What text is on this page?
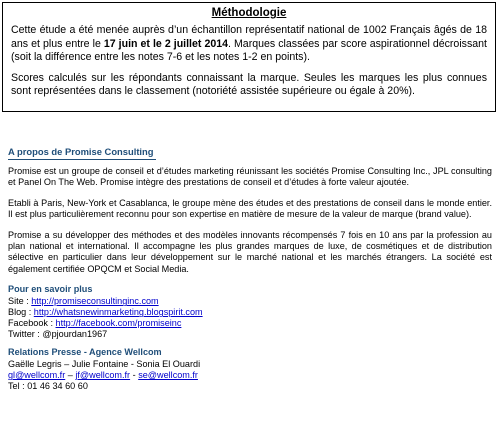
Méthodologie

Cette étude a été menée auprès d’un échantillon représentatif national de 1002 Français âgés de 18 ans et plus entre le 17 juin et le 2 juillet 2014. Marques classées par score aspirationnel décroissant (soit la différence entre les notes 7-6 et les notes 1-2 en points).

Scores calculés sur les répondants connaissant la marque. Seules les marques les plus connues sont représentées dans le classement (notoriété assistée supérieure ou égale à 20%).

A propos de Promise Consulting

Promise est un groupe de conseil et d’études marketing réunissant les sociétés Promise Consulting Inc., JPL consulting et Panel On The Web. Promise intègre des prestations de conseil et d’études à forte valeur ajoutée.

Etabli à Paris, New-York et Casablanca, le groupe mène des études et des prestations de conseil dans le monde entier. Il est plus particulièrement reconnu pour son expertise en matière de mesure de la valeur de marque (brand value).

Promise a su développer des méthodes et des modèles innovants récompensés 7 fois en 10 ans par la profession au plan national et international. Il accompagne les plus grandes marques de luxe, de cosmétiques et de distribution sélective en particulier dans leur développement sur le marché national et les marchés étrangers. La société est également certifiée OPQCM et Social Media.

Pour en savoir plus
Site : http://promiseconsultinginc.com
Blog : http://whatsnewinmarketing.blogspirit.com
Facebook : http://facebook.com/promiseinc
Twitter : @pjourdan1967
Relations Presse - Agence Wellcom
Gaëlle Legris – Julie Fontaine - Sonia El Ouardi
gl@wellcom.fr – jf@wellcom.fr - se@wellcom.fr
Tel : 01 46 34 60 60
